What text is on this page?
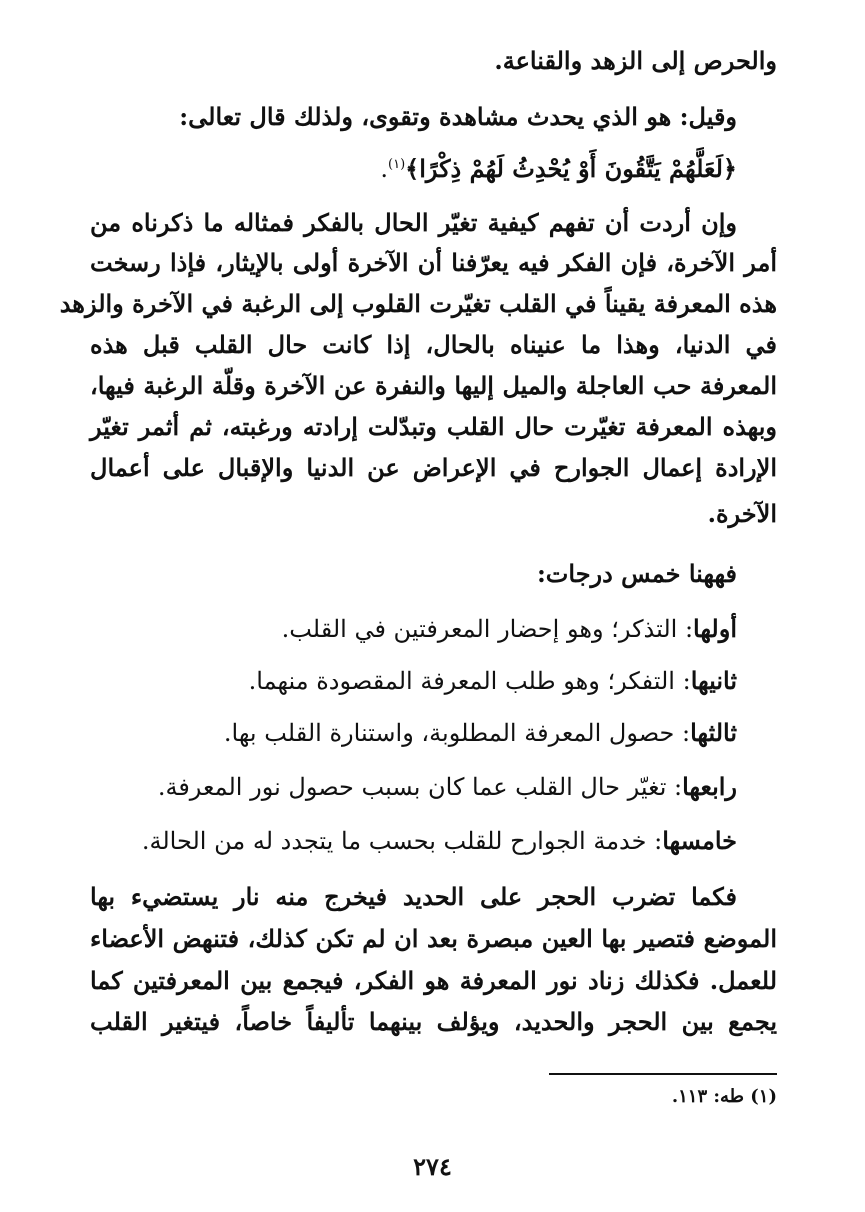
والحرص إلى الزهد والقناعة.

وقيل: هو الذي يحدث مشاهدة وتقوى، ولذلك قال تعالى:

﴿لَعَلَّهُمْ يَتَّقُونَ أَوْ يُحْدِثُ لَهُمْ ذِكْرًا﴾$^{(١)}$.

وإن أردت أن تفهم كيفية تغيّر الحال بالفكر فمثاله ما ذكرناه من

أمر الآخرة، فإن الفكر فيه يعرّفنا أن الآخرة أولى بالإيثار، فإذا رسخت

هذه المعرفة يقيناً في القلب تغيّرت القلوب إلى الرغبة في الآخرة والزهد

في الدنيا، وهذا ما عنيناه بالحال، إذا كانت حال القلب قبل هذه

المعرفة حب العاجلة والميل إليها والنفرة عن الآخرة وقلّة الرغبة فيها،

وبهذه المعرفة تغيّرت حال القلب وتبدّلت إرادته ورغبته، ثم أثمر تغيّر

الإرادة إعمال الجوارح في الإعراض عن الدنيا والإقبال على أعمال

الآخرة.

فههنا خمس درجات:

أولها: التذكر؛ وهو إحضار المعرفتين في القلب.

ثانيها: التفكر؛ وهو طلب المعرفة المقصودة منهما.

ثالثها: حصول المعرفة المطلوبة، واستنارة القلب بها.

رابعها: تغيّر حال القلب عما كان بسبب حصول نور المعرفة.

خامسها: خدمة الجوارح للقلب بحسب ما يتجدد له من الحالة.

فكما تضرب الحجر على الحديد فيخرج منه نار يستضيء بها

الموضع فتصير بها العين مبصرة بعد ان لم تكن كذلك، فتنهض الأعضاء

للعمل. فكذلك زناد نور المعرفة هو الفكر، فيجمع بين المعرفتين كما

يجمع بين الحجر والحديد، ويؤلف بينهما تأليفاً خاصاً، فيتغير القلب

(١) طه: ١١٣.
٢٧٤
